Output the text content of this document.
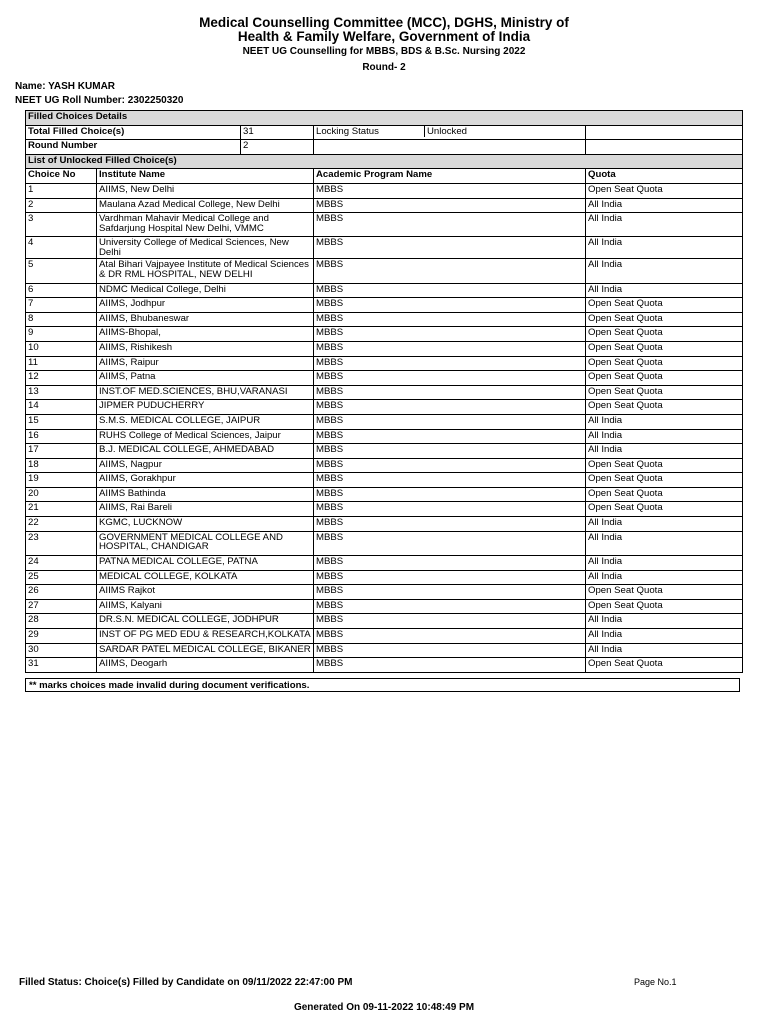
Medical Counselling Committee (MCC), DGHS, Ministry of
Health & Family Welfare, Government of India
NEET UG Counselling for MBBS, BDS & B.Sc. Nursing 2022
Round- 2
Name: YASH KUMAR
NEET UG Roll Number: 2302250320
Filled Choices Details				
Total Filled Choice(s)		31	Locking Status Unlocked	

Round Number		2		
List of Unlocked Filled Choice(s)				
Choice No	Institute Name		Academic Program Name	Quota
1	AIIMS, New Delhi		MBBS	Open Seat Quota
2	Maulana Azad Medical College, New Delhi		MBBS	All India
3	Vardhman Mahavir Medical College and Safdarjung Hospital New Delhi, VMMC		MBBS	All India
4	University College of Medical Sciences, New Delhi		MBBS	All India
5	Atal Bihari Vajpayee Institute of Medical Sciences & DR RML HOSPITAL, NEW DELHI		MBBS	All India
6	NDMC Medical College, Delhi		MBBS	All India
7	AIIMS, Jodhpur		MBBS	Open Seat Quota
8	AIIMS, Bhubaneswar		MBBS	Open Seat Quota
9	AIIMS-Bhopal,		MBBS	Open Seat Quota
10	AIIMS, Rishikesh		MBBS	Open Seat Quota
11	AIIMS, Raipur		MBBS	Open Seat Quota
12	AIIMS, Patna		MBBS	Open Seat Quota
13	INST.OF MED.SCIENCES, BHU,VARANASI		MBBS	Open Seat Quota
14	JIPMER PUDUCHERRY		MBBS	Open Seat Quota
15	S.M.S. MEDICAL COLLEGE, JAIPUR		MBBS	All India
16	RUHS College of Medical Sciences, Jaipur		MBBS	All India
17	B.J. MEDICAL COLLEGE, AHMEDABAD		MBBS	All India
18	AIIMS, Nagpur		MBBS	Open Seat Quota
19	AIIMS, Gorakhpur		MBBS	Open Seat Quota
20	AIIMS Bathinda		MBBS	Open Seat Quota
21	AIIMS, Rai Bareli		MBBS	Open Seat Quota
22	KGMC, LUCKNOW		MBBS	All India
23	GOVERNMENT MEDICAL COLLEGE AND HOSPITAL, CHANDIGAR		MBBS	All India
24	PATNA MEDICAL COLLEGE, PATNA		MBBS	All India
25	MEDICAL COLLEGE, KOLKATA		MBBS	All India
26	AIIMS Rajkot		MBBS	Open Seat Quota
27	AIIMS, Kalyani		MBBS	Open Seat Quota
28	DR.S.N. MEDICAL COLLEGE, JODHPUR		MBBS	All India
29	INST OF PG MED EDU & RESEARCH,KOLKATA		MBBS	All India
30	SARDAR PATEL MEDICAL COLLEGE, BIKANER		MBBS	All India
31	AIIMS, Deogarh		MBBS	Open Seat Quota
** marks choices made invalid during document verifications.
Filled Status: Choice(s) Filled by Candidate on 09/11/2022 22:47:00 PM	Page No.1
Generated On 09-11-2022 10:48:49 PM
